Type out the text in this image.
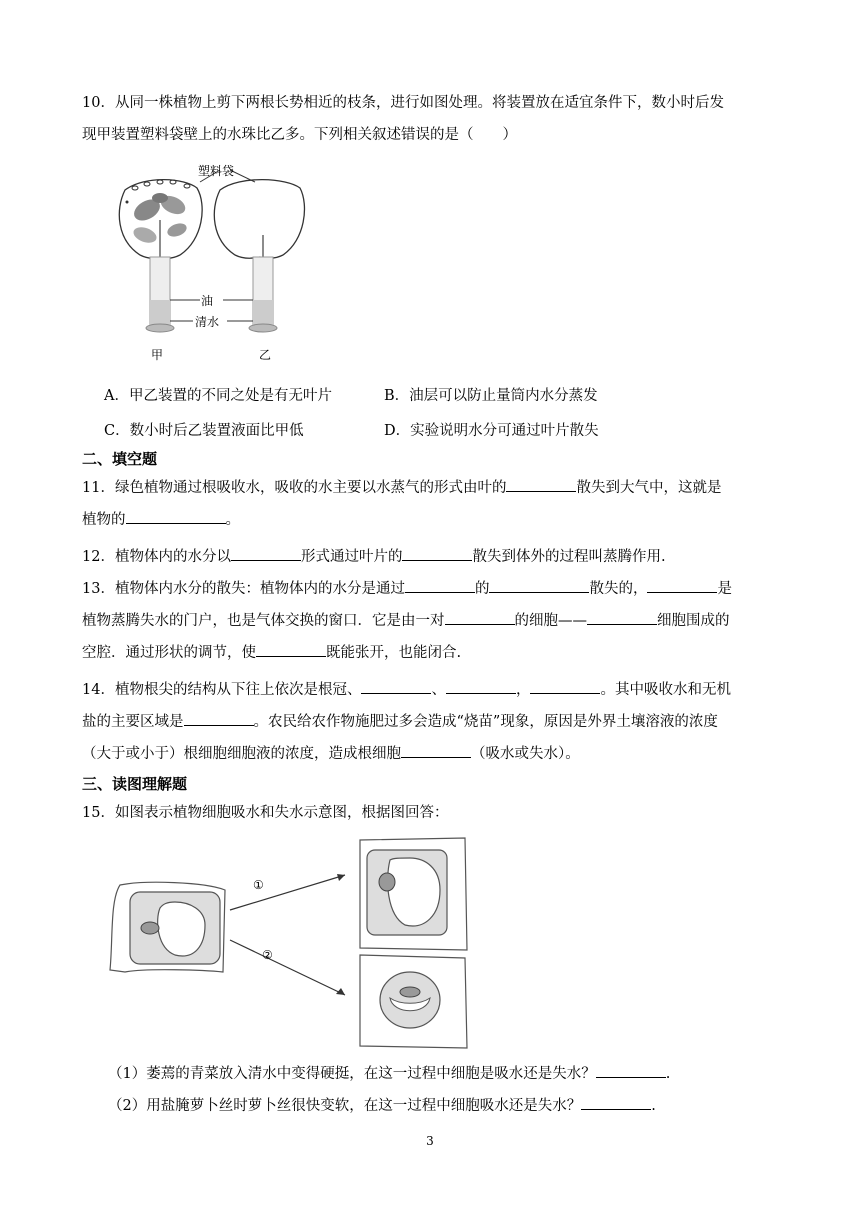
10．从同一株植物上剪下两根长势相近的枝条，进行如图处理。将装置放在适宜条件下，数小时后发
现甲装置塑料袋壁上的水珠比乙多。下列相关叙述错误的是（　　）
塑料袋
油
清水
甲	乙
A．甲乙装置的不同之处是有无叶片	B．油层可以防止量筒内水分蒸发
C．数小时后乙装置液面比甲低	D．实验说明水分可通过叶片散失
二、填空题
11．绿色植物通过根吸收水，吸收的水主要以水蒸气的形式由叶的	散失到大气中，这就是
植物的	。
12．植物体内的水分以	形式通过叶片的	散失到体外的过程叫蒸腾作用.
13．植物体内水分的散失：植物体内的水分是通过	的	散失的，	是
植物蒸腾失水的门户，也是气体交换的窗口．它是由一对	的细胞——	细胞围成的
空腔．通过形状的调节，使	既能张开，也能闭合.
14．植物根尖的结构从下往上依次是根冠、	、	，	。其中吸收水和无机
盐的主要区域是	。农民给农作物施肥过多会造成“烧苗”现象，原因是外界土壤溶液的浓度
（大于或小于）根细胞细胞液的浓度，造成根细胞	（吸水或失水）。
三、读图理解题
15．如图表示植物细胞吸水和失水示意图，根据图回答：
①
②
（1）萎蔫的青菜放入清水中变得硬挺，在这一过程中细胞是吸水还是失水？	.
（2）用盐腌萝卜丝时萝卜丝很快变软，在这一过程中细胞吸水还是失水？	.
3
